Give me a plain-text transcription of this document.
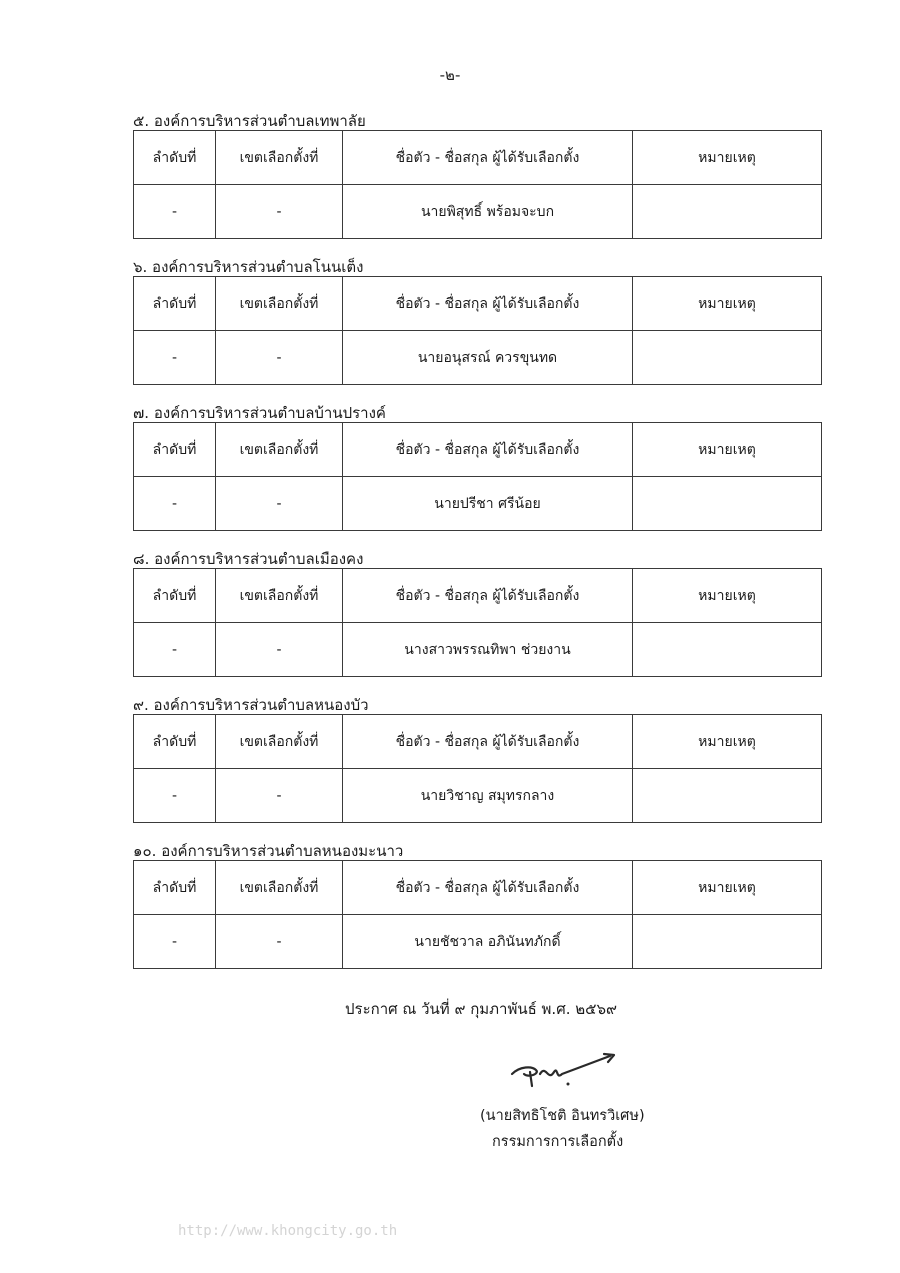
-๒-
๕. องค์การบริหารส่วนตำบลเทพาลัย
ลำดับที่	เขตเลือกตั้งที่	ชื่อตัว - ชื่อสกุล ผู้ได้รับเลือกตั้ง	หมายเหตุ
-	-	นายพิสุทธิ์ พร้อมจะบก	
๖. องค์การบริหารส่วนตำบลโนนเต็ง
ลำดับที่	เขตเลือกตั้งที่	ชื่อตัว - ชื่อสกุล ผู้ได้รับเลือกตั้ง	หมายเหตุ
-	-	นายอนุสรณ์ ควรขุนทด	
๗. องค์การบริหารส่วนตำบลบ้านปรางค์
ลำดับที่	เขตเลือกตั้งที่	ชื่อตัว - ชื่อสกุล ผู้ได้รับเลือกตั้ง	หมายเหตุ
-	-	นายปรีชา ศรีน้อย	
๘. องค์การบริหารส่วนตำบลเมืองคง
ลำดับที่	เขตเลือกตั้งที่	ชื่อตัว - ชื่อสกุล ผู้ได้รับเลือกตั้ง	หมายเหตุ
-	-	นางสาวพรรณทิพา ช่วยงาน	
๙. องค์การบริหารส่วนตำบลหนองบัว
ลำดับที่	เขตเลือกตั้งที่	ชื่อตัว - ชื่อสกุล ผู้ได้รับเลือกตั้ง	หมายเหตุ
-	-	นายวิชาญ สมุทรกลาง	
๑๐. องค์การบริหารส่วนตำบลหนองมะนาว
ลำดับที่	เขตเลือกตั้งที่	ชื่อตัว - ชื่อสกุล ผู้ได้รับเลือกตั้ง	หมายเหตุ
-	-	นายชัชวาล อภินันทภักดิ์	
ประกาศ ณ วันที่ ๙ กุมภาพันธ์ พ.ศ. ๒๕๖๙
(นายสิทธิโชติ อินทรวิเศษ)
กรรมการการเลือกตั้ง
http://www.khongcity.go.th
